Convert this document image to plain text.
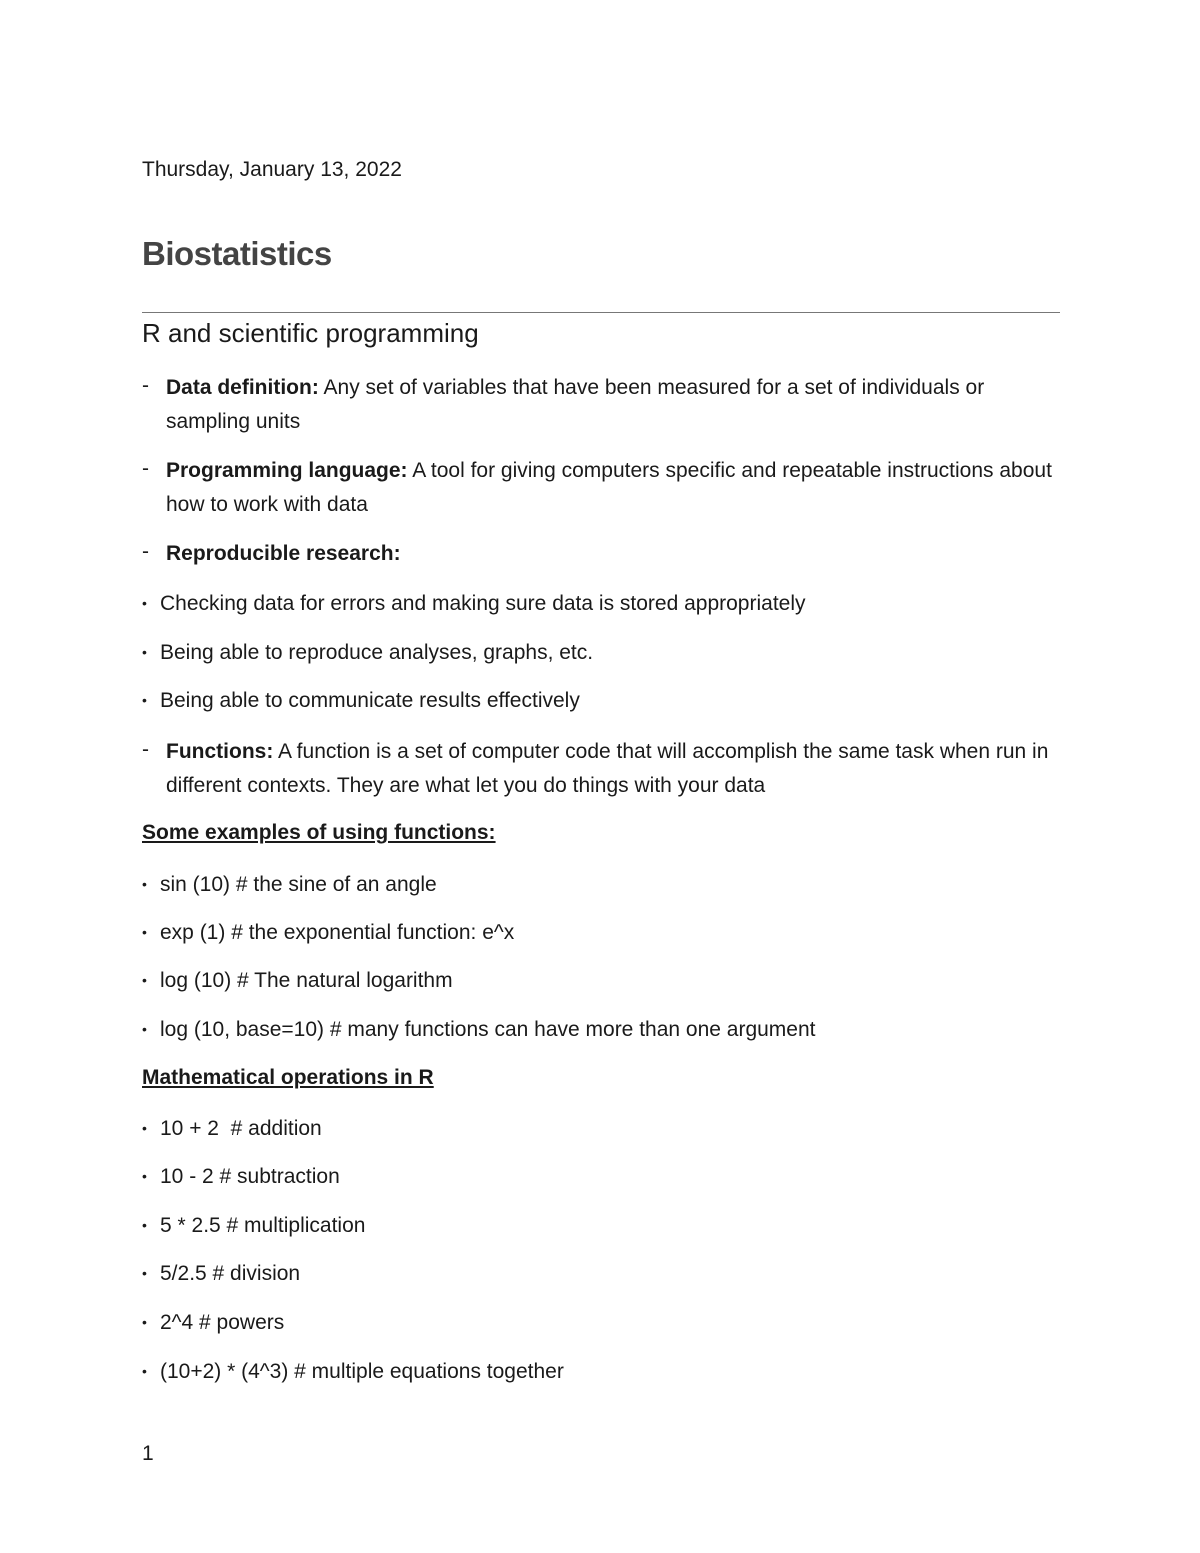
Thursday, January 13, 2022
Biostatistics
R and scientific programming
- Data definition: Any set of variables that have been measured for a set of individuals or sampling units
- Programming language: A tool for giving computers specific and repeatable instructions about how to work with data
- Reproducible research:
• Checking data for errors and making sure data is stored appropriately
• Being able to reproduce analyses, graphs, etc.
• Being able to communicate results effectively
- Functions: A function is a set of computer code that will accomplish the same task when run in different contexts. They are what let you do things with your data
Some examples of using functions:
• sin (10) # the sine of an angle
• exp (1) # the exponential function: e^x
• log (10) # The natural logarithm
• log (10, base=10) # many functions can have more than one argument
Mathematical operations in R
• 10 + 2  # addition
• 10 - 2 # subtraction
• 5 * 2.5 # multiplication
• 5/2.5 # division
• 2^4 # powers
• (10+2) * (4^3) # multiple equations together
1
